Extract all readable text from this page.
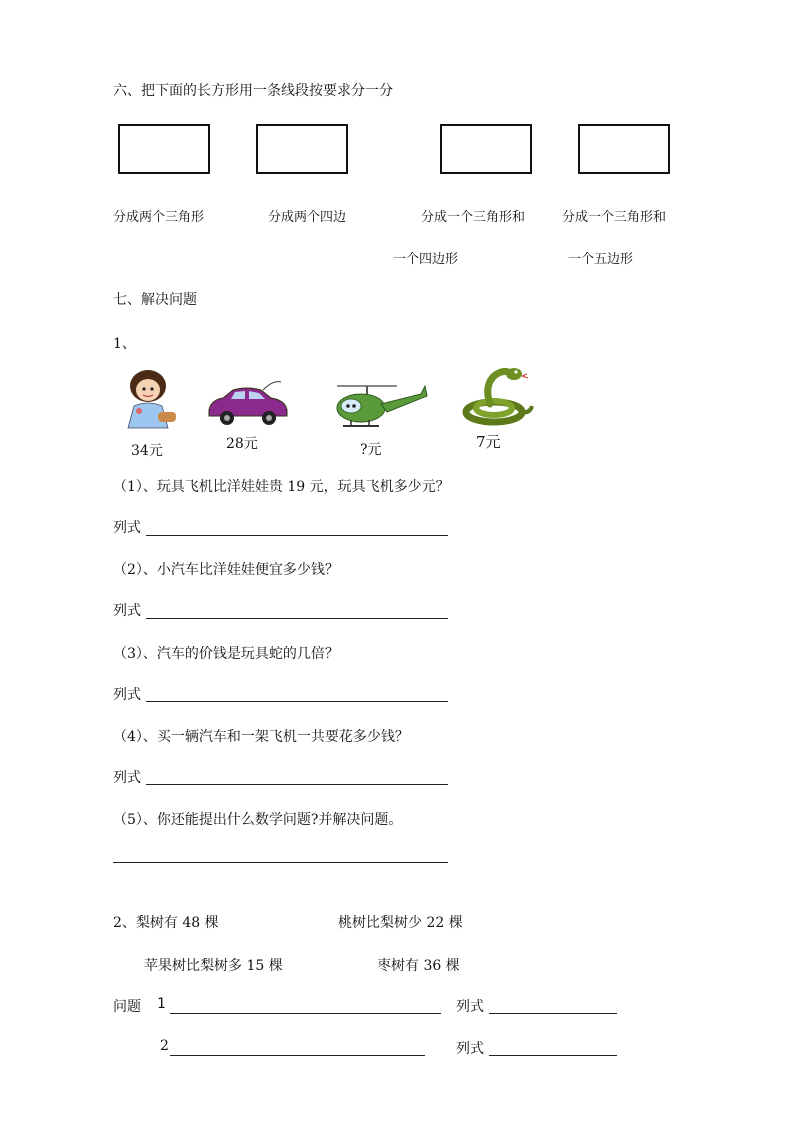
六、把下面的长方形用一条线段按要求分一分
分成两个三角形	分成两个四边	分成一个三角形和	分成一个三角形和
一个四边形	一个五边形
七、解决问题
1、
34元	28元	?元	7元
（1）、玩具飞机比洋娃娃贵 19 元，玩具飞机多少元？
列式
（2）、小汽车比洋娃娃便宜多少钱？
列式
（3）、汽车的价钱是玩具蛇的几倍？
列式
（4）、买一辆汽车和一架飞机一共要花多少钱？
列式
（5）、你还能提出什么数学问题?并解决问题。
2、梨树有 48 棵	桃树比梨树少 22 棵
苹果树比梨树多 15 棵	枣树有 36 棵
问题 1	列式
2	列式
